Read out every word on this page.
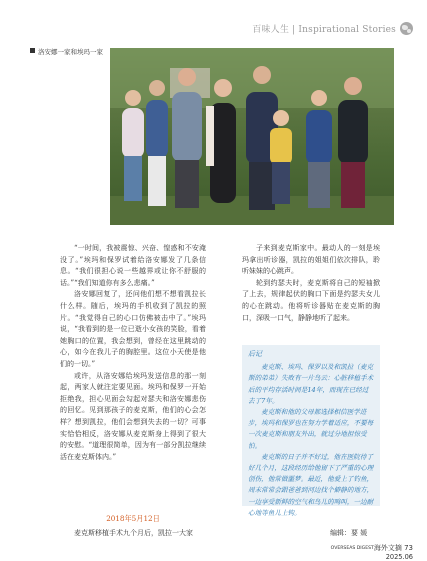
百味人生 | Inspirational Stories
洛安娜一家和埃玛一家

“一时间，我被震惊、兴奋、惶惑和不安淹没了。”埃玛和保罗试着给洛安娜发了几条信息。“我们很担心说一些越界或让你不舒服的话。”“我们知道你有多么悲痛。”

洛安娜回复了，还问他们想不想看凯拉长什么样。随后，埃玛的手机收到了凯拉的照片。“我觉得自己的心口仿佛被击中了。”埃玛说，“我看到的是一位已逝小女孩的笑脸，看着她胸口的位置，我会想到，曾经在这里跳动的心，如今在我儿子的胸腔里。这位小天使是他们的一切。”

或许，从洛安娜给埃玛发送信息的那一刻起，两家人就注定要见面。埃玛和保罗一开始拒绝我，担心见面会勾起对瑟夫和洛安娜悲伤的回忆。见到那孩子的麦克斯，他们的心会怎样？想到凯拉，他们会想到失去的一切？可事实恰恰相反，洛安娜从麦克斯身上得到了很大的安慰。“道理很简单，因为有一部分凯拉继续活在麦克斯体内。”

2018年5月12日
麦克斯移植手术九个月后，凯拉一大家

子来到麦克斯家中。最动人的一刻是埃玛拿出听诊器，凯拉的姐姐们依次排队，聆听妹妹的心跳声。

轮到约瑟夫时，麦克斯将自己的短袖掀了上去，规律起伏的胸口下面是约瑟夫女儿的心在跳动。他将听诊器贴在麦克斯的胸口，深吸一口气，静静地听了起来。

后记

麦克斯、埃玛、保罗以及和凯拉（麦克斯的弟弟）失败有一片鸟云：心脏移植手术后的平均存活时间是14年，而现在已经过去了7年。

麦克斯和他的父母都选择相信医学进步，埃玛和保罗也在努力学着适应，不要每一次麦克斯和朋友外出，就过分地担惊受怕。

麦克斯的日子并不好过，他在医院待了好几个月，这段经历给他留下了严重的心理创伤，他常做噩梦。最近，他爱上了钓鱼，周末常常会跟爸爸到河边找个僻静的地方，一边享受新鲜的空气和鸟儿的鸣叫，一边耐心地等鱼儿上钩。

编辑：要 媛
OVERSEAS DIGEST海外文摘 73
2025.06
